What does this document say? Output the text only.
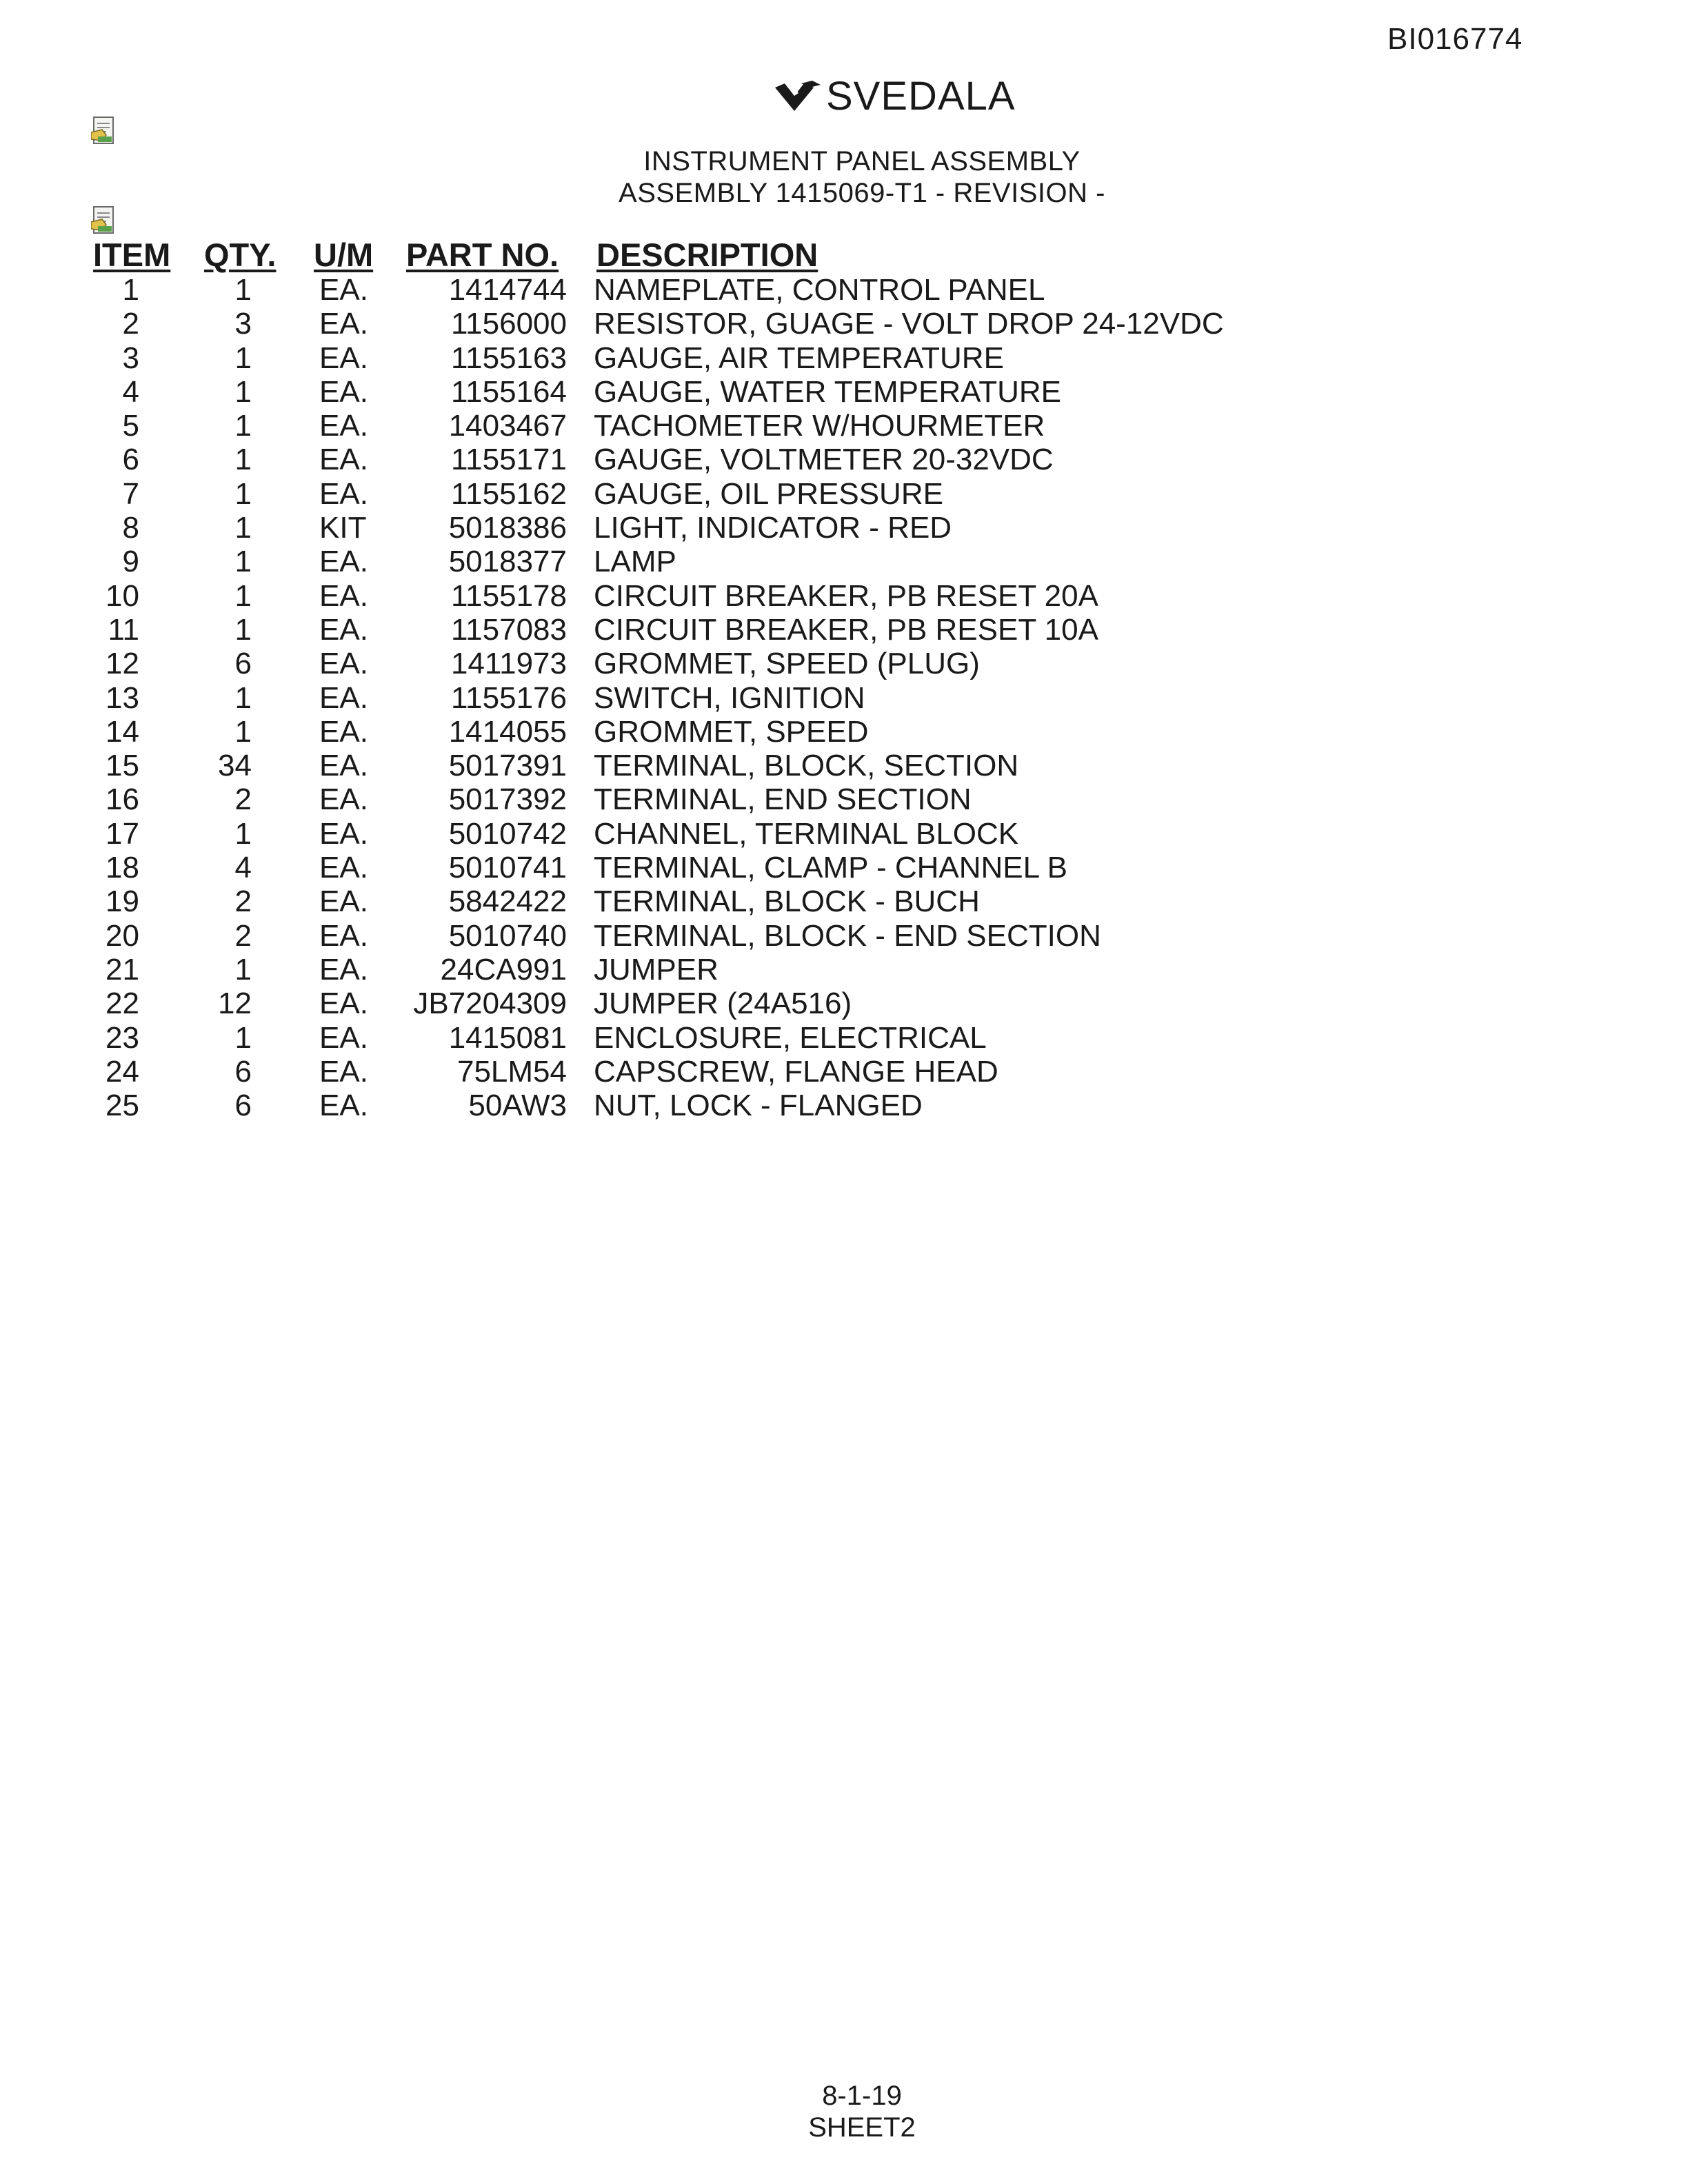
BI016774
SVEDALA
INSTRUMENT PANEL ASSEMBLY
ASSEMBLY 1415069-T1 - REVISION -
ITEM QTY. U/M PART NO. DESCRIPTION
1	1 EA.	1414744 NAMEPLATE, CONTROL PANEL
2	3 EA.	1156000 RESISTOR, GUAGE - VOLT DROP 24-12VDC
3	1 EA.	1155163 GAUGE, AIR TEMPERATURE
4	1 EA.	1155164 GAUGE, WATER TEMPERATURE
5	1 EA.	1403467 TACHOMETER W/HOURMETER
6	1 EA.	1155171 GAUGE, VOLTMETER 20-32VDC
7	1 EA.	1155162 GAUGE, OIL PRESSURE
8	1 KIT	5018386 LIGHT, INDICATOR - RED
9	1 EA.	5018377 LAMP
10	1 EA.	1155178 CIRCUIT BREAKER, PB RESET 20A
11	1 EA.	1157083 CIRCUIT BREAKER, PB RESET 10A
12	6 EA.	1411973 GROMMET, SPEED (PLUG)
13	1 EA.	1155176 SWITCH, IGNITION
14	1 EA.	1414055 GROMMET, SPEED
15	34 EA.	5017391 TERMINAL, BLOCK, SECTION
16	2 EA.	5017392 TERMINAL, END SECTION
17	1 EA.	5010742 CHANNEL, TERMINAL BLOCK
18	4 EA.	5010741 TERMINAL, CLAMP - CHANNEL B
19	2 EA.	5842422 TERMINAL, BLOCK - BUCH
20	2 EA.	5010740 TERMINAL, BLOCK - END SECTION
21	1 EA. 24CA991 JUMPER
22	12 EA. JB7204309 JUMPER (24A516)
23	1 EA.	1415081 ENCLOSURE, ELECTRICAL
24	6 EA.	75LM54 CAPSCREW, FLANGE HEAD
25	6 EA.	50AW3 NUT, LOCK - FLANGED
8-1-19
SHEET2
